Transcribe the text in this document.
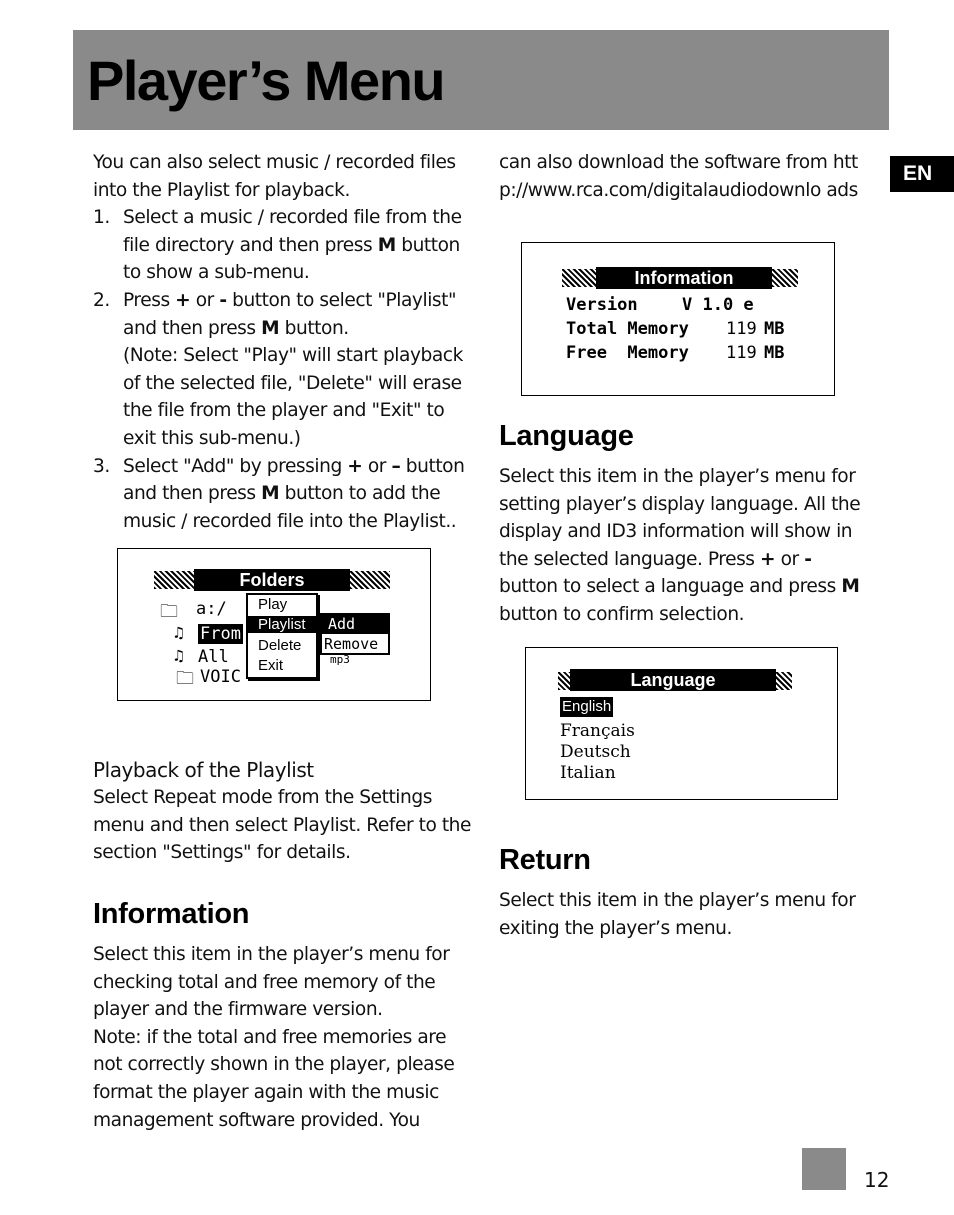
Player’s Menu
EN

You can also select music / recorded files into the Playlist for playback.

1. Select a music / recorded file from the file directory and then press M button to show a sub-menu.
2. Press + or - button to select "Playlist" and then press M button.
(Note: Select "Play" will start playback of the selected file, "Delete" will erase the file from the player and "Exit" to exit this sub-menu.)
3. Select "Add" by pressing + or – button and then press M button to add the music / recorded file into the Playlist..
Folders
🗀 a:/
♫ From
♫ All
🗀 VOIC
Play
Playlist
Delete
Exit
Add
Remove
mp3

Playback of the Playlist

Select Repeat mode from the Settings menu and then select Playlist. Refer to the section "Settings" for details.

Information

Select this item in the player’s menu for checking total and free memory of the player and the firmware version.

Note: if the total and free memories are not correctly shown in the player, please format the player again with the music management software provided. You

can also download the software from http://www.rca.com/digitalaudiodownlo ads

Information
Version	V 1.0 e
Total Memory 119 MB
Free  Memory 119 MB
Language

Select this item in the player’s menu for setting player’s display language. All the display and ID3 information will show in the selected language. Press + or - button to select a language and press M button to confirm selection.

Language
English
Français
Deutsch
Italian
Return

Select this item in the player’s menu for exiting the player’s menu.

12
